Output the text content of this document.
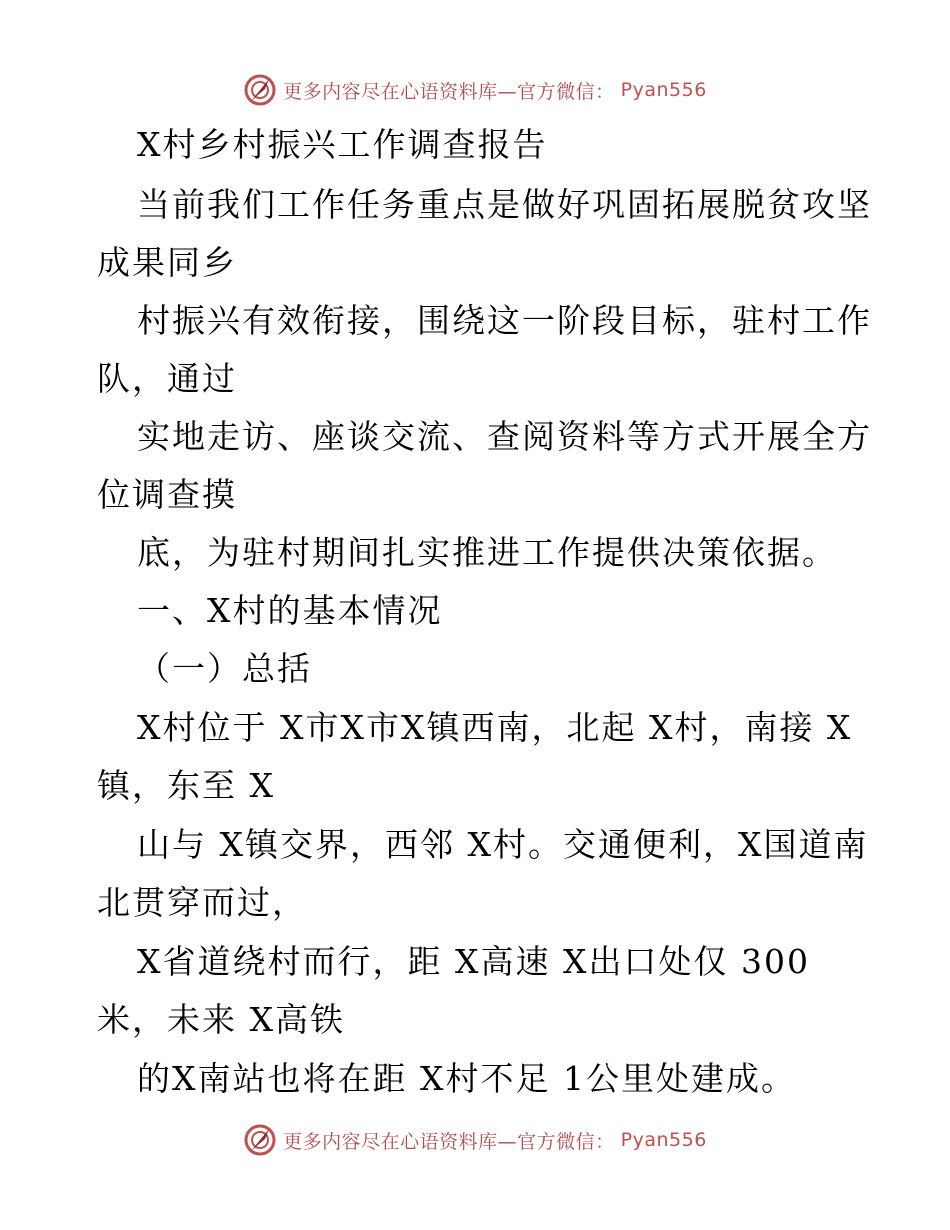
更多内容尽在心语资料库—官方微信： Pyan556
X村乡村振兴工作调查报告
当前我们工作任务重点是做好巩固拓展脱贫攻坚
成果同乡
村振兴有效衔接，围绕这一阶段目标，驻村工作
队，通过
实地走访、座谈交流、查阅资料等方式开展全方
位调查摸
底，为驻村期间扎实推进工作提供决策依据。
一、X村的基本情况
（一）总括
X村位于 X市X市X镇西南，北起 X村，南接 X
镇，东至 X
山与 X镇交界，西邻 X村。交通便利，X国道南
北贯穿而过，
X省道绕村而行，距 X高速 X出口处仅 300
米，未来 X高铁
的X南站也将在距 X村不足 1公里处建成。
更多内容尽在心语资料库—官方微信： Pyan556
